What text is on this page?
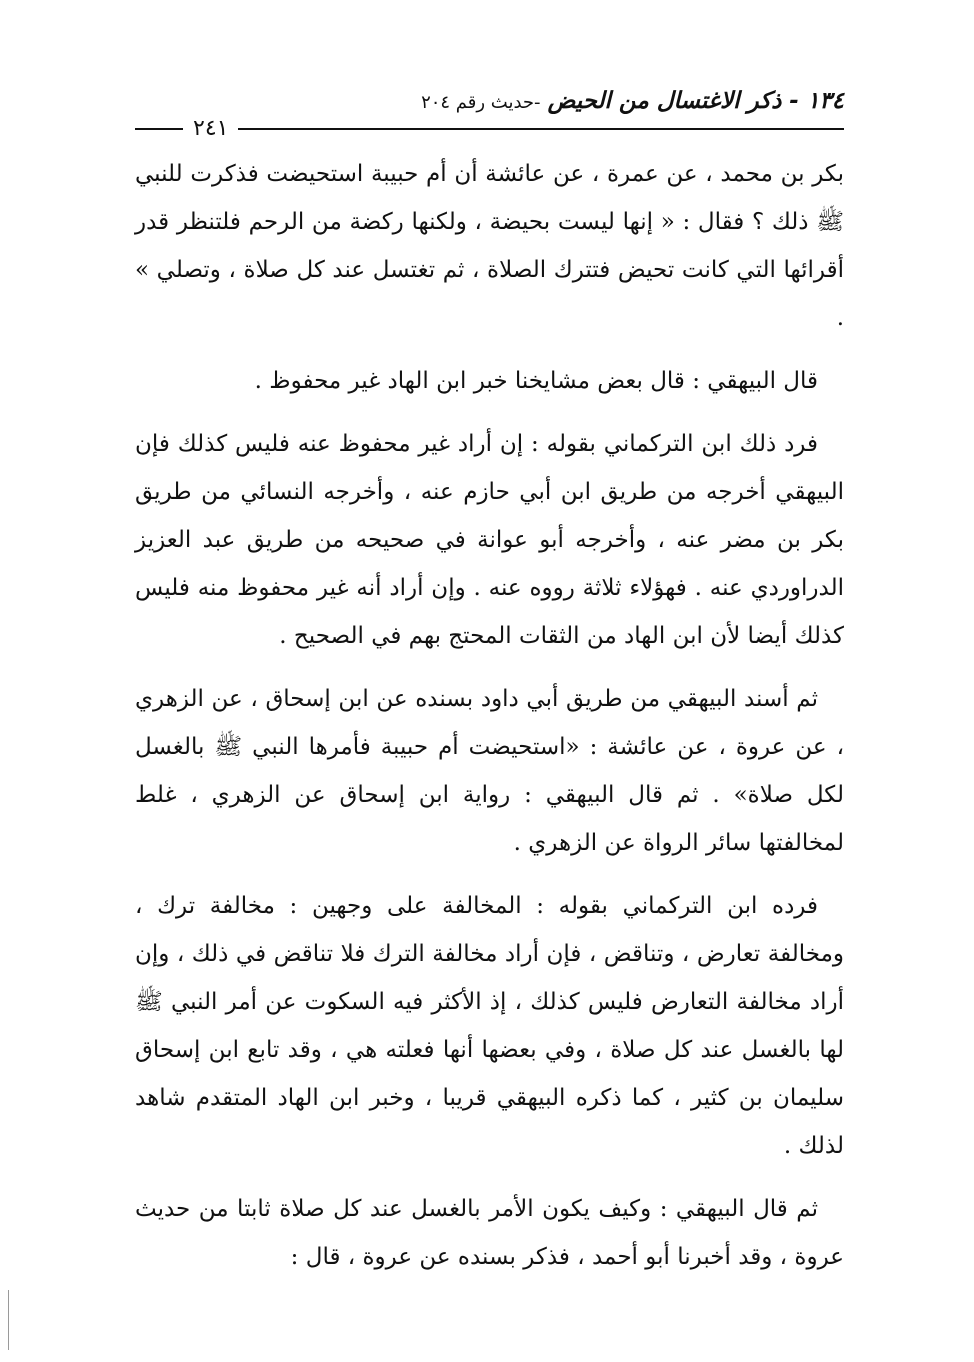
١٣٤ - ذكر الاغتسال من الحيض -حديث رقم ٢٠٤
٢٤١

بكر بن محمد ، عن عمرة ، عن عائشة أن أم حبيبة استحيضت فذكرت للنبي ﷺ ذلك ؟ فقال : « إنها ليست بحيضة ، ولكنها ركضة من الرحم فلتنظر قدر أقرائها التي كانت تحيض فتترك الصلاة ، ثم تغتسل عند كل صلاة ، وتصلي » .

قال البيهقي : قال بعض مشايخنا خبر ابن الهاد غير محفوظ .

فرد ذلك ابن التركماني بقوله : إن أراد غير محفوظ عنه فليس كذلك فإن البيهقي أخرجه من طريق ابن أبي حازم عنه ، وأخرجه النسائي من طريق بكر بن مضر عنه ، وأخرجه أبو عوانة في صحيحه من طريق عبد العزيز الدراوردي عنه . فهؤلاء ثلاثة رووه عنه . وإن أراد أنه غير محفوظ منه فليس كذلك أيضا لأن ابن الهاد من الثقات المحتج بهم في الصحيح .

ثم أسند البيهقي من طريق أبي داود بسنده عن ابن إسحاق ، عن الزهري ، عن عروة ، عن عائشة : «استحيضت أم حبيبة فأمرها النبي ﷺ بالغسل لكل صلاة» . ثم قال البيهقي : رواية ابن إسحاق عن الزهري ، غلط لمخالفتها سائر الرواة عن الزهري .

فرده ابن التركماني بقوله : المخالفة على وجهين : مخالفة ترك ، ومخالفة تعارض ، وتناقض ، فإن أراد مخالفة الترك فلا تناقض في ذلك ، وإن أراد مخالفة التعارض فليس كذلك ، إذ الأكثر فيه السكوت عن أمر النبي ﷺ لها بالغسل عند كل صلاة ، وفي بعضها أنها فعلته هي ، وقد تابع ابن إسحاق سليمان بن كثير ، كما ذكره البيهقي قريبا ، وخبر ابن الهاد المتقدم شاهد لذلك .

ثم قال البيهقي : وكيف يكون الأمر بالغسل عند كل صلاة ثابتا من حديث عروة ، وقد أخبرنا أبو أحمد ، فذكر بسنده عن عروة ، قال :
